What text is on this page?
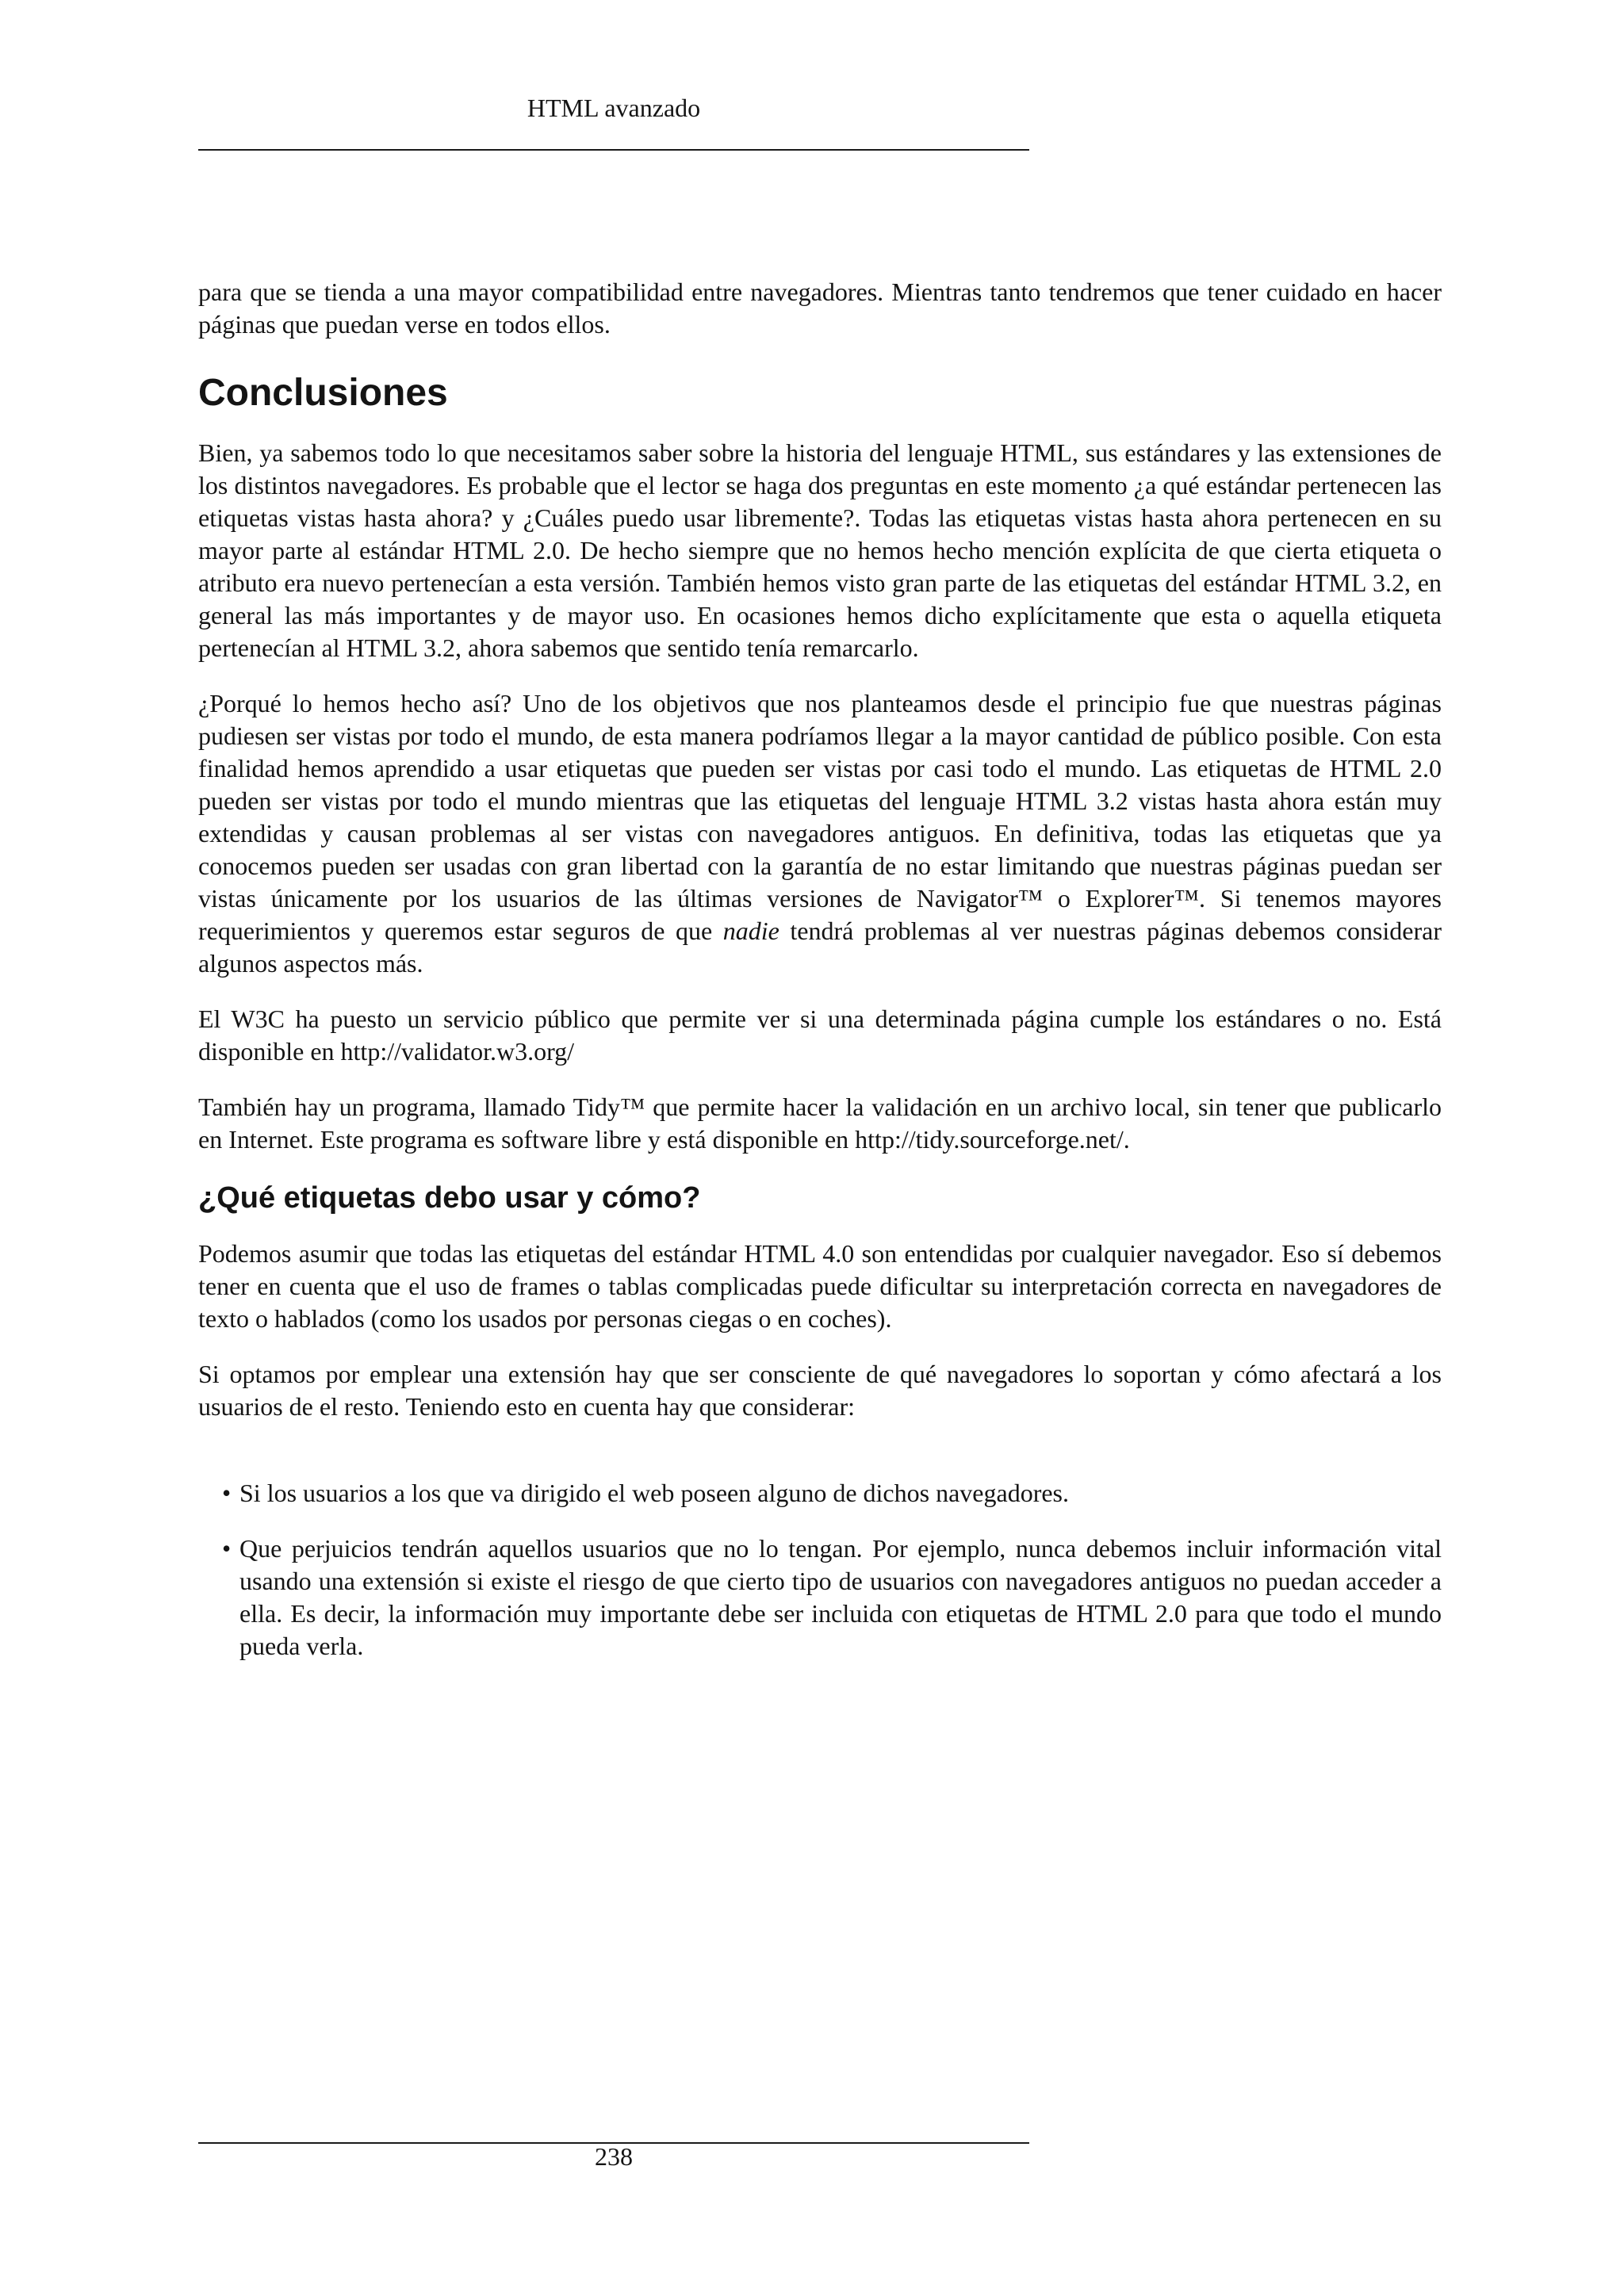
HTML avanzado

para que se tienda a una mayor compatibilidad entre navegadores. Mientras tanto tendremos que tener cuidado en hacer páginas que puedan verse en todos ellos.

Conclusiones

Bien, ya sabemos todo lo que necesitamos saber sobre la historia del lenguaje HTML, sus estándares y las extensiones de los distintos navegadores. Es probable que el lector se haga dos preguntas en este momento ¿a qué estándar pertenecen las etiquetas vistas hasta ahora? y ¿Cuáles puedo usar libremente?. Todas las etiquetas vistas hasta ahora pertenecen en su mayor parte al estándar HTML 2.0. De hecho siempre que no hemos hecho mención explícita de que cierta etiqueta o atributo era nuevo pertenecían a esta versión. También hemos visto gran parte de las etiquetas del estándar HTML 3.2, en general las más importantes y de mayor uso. En ocasiones hemos dicho explícitamente que esta o aquella etiqueta pertenecían al HTML 3.2, ahora sabemos que sentido tenía remarcarlo.

¿Porqué lo hemos hecho así? Uno de los objetivos que nos planteamos desde el principio fue que nuestras páginas pudiesen ser vistas por todo el mundo, de esta manera podríamos llegar a la mayor cantidad de público posible. Con esta finalidad hemos aprendido a usar etiquetas que pueden ser vistas por casi todo el mundo. Las etiquetas de HTML 2.0 pueden ser vistas por todo el mundo mientras que las etiquetas del lenguaje HTML 3.2 vistas hasta ahora están muy extendidas y causan problemas al ser vistas con navegadores antiguos. En definitiva, todas las etiquetas que ya conocemos pueden ser usadas con gran libertad con la garantía de no estar limitando que nuestras páginas puedan ser vistas únicamente por los usuarios de las últimas versiones de Navigator™ o Explorer™. Si tenemos mayores requerimientos y queremos estar seguros de que nadie tendrá problemas al ver nuestras páginas debemos considerar algunos aspectos más.

El W3C ha puesto un servicio público que permite ver si una determinada página cumple los estándares o no. Está disponible en http://validator.w3.org/

También hay un programa, llamado Tidy™ que permite hacer la validación en un archivo local, sin tener que publicarlo en Internet. Este programa es software libre y está disponible en http://tidy.sourceforge.net/.

¿Qué etiquetas debo usar y cómo?

Podemos asumir que todas las etiquetas del estándar HTML 4.0 son entendidas por cualquier navegador. Eso sí debemos tener en cuenta que el uso de frames o tablas complicadas puede dificultar su interpretación correcta en navegadores de texto o hablados (como los usados por personas ciegas o en coches).

Si optamos por emplear una extensión hay que ser consciente de qué navegadores lo soportan y cómo afectará a los usuarios de el resto. Teniendo esto en cuenta hay que considerar:

• Si los usuarios a los que va dirigido el web poseen alguno de dichos navegadores.
• Que perjuicios tendrán aquellos usuarios que no lo tengan. Por ejemplo, nunca debemos incluir información vital usando una extensión si existe el riesgo de que cierto tipo de usuarios con navegadores antiguos no puedan acceder a ella. Es decir, la información muy importante debe ser incluida con etiquetas de HTML 2.0 para que todo el mundo pueda verla.
238
